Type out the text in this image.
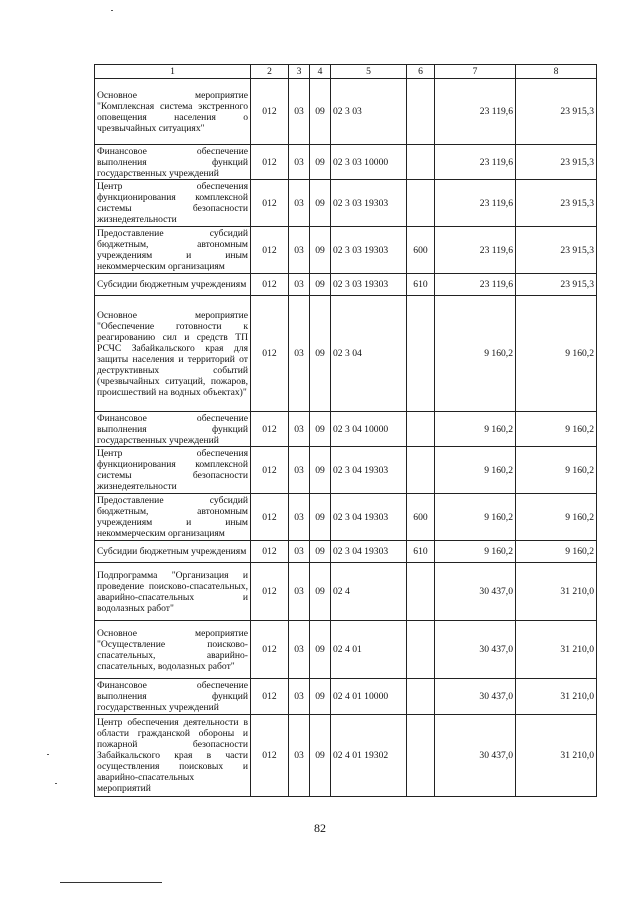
1	2	3	4	5	6	7	8
Основное мероприятие "Комплексная система экстренного оповещения населения о чрезвычайных ситуациях"	012	03	09	02 3 03		23 119,6	23 915,3
Финансовое обеспечение выполнения функций государственных учреждений	012	03	09	02 3 03 10000		23 119,6	23 915,3
Центр обеспечения функционирования комплексной системы безопасности жизнедеятельности	012	03	09	02 3 03 19303		23 119,6	23 915,3
Предоставление субсидий бюджетным, автономным учреждениям и иным некоммерческим организациям	012	03	09	02 3 03 19303	600	23 119,6	23 915,3
Субсидии бюджетным учреждениям	012	03	09	02 3 03 19303	610	23 119,6	23 915,3
Основное мероприятие "Обеспечение готовности к реагированию сил и средств ТП РСЧС Забайкальского края для защиты населения и территорий от деструктивных событий (чрезвычайных ситуаций, пожаров, происшествий на водных объектах)"	012	03	09	02 3 04		9 160,2	9 160,2
Финансовое обеспечение выполнения функций государственных учреждений	012	03	09	02 3 04 10000		9 160,2	9 160,2
Центр обеспечения функционирования комплексной системы безопасности жизнедеятельности	012	03	09	02 3 04 19303		9 160,2	9 160,2
Предоставление субсидий бюджетным, автономным учреждениям и иным некоммерческим организациям	012	03	09	02 3 04 19303	600	9 160,2	9 160,2
Субсидии бюджетным учреждениям	012	03	09	02 3 04 19303	610	9 160,2	9 160,2
Подпрограмма "Организация и проведение поисково-спасательных, аварийно-спасательных и водолазных работ"	012	03	09	02 4		30 437,0	31 210,0
Основное мероприятие "Осуществление поисково-спасательных, аварийно-спасательных, водолазных работ"	012	03	09	02 4 01		30 437,0	31 210,0
Финансовое обеспечение выполнения функций государственных учреждений	012	03	09	02 4 01 10000		30 437,0	31 210,0
Центр обеспечения деятельности в области гражданской обороны и пожарной безопасности Забайкальского края в части осуществления поисковых и аварийно-спасательных мероприятий	012	03	09	02 4 01 19302		30 437,0	31 210,0
82
